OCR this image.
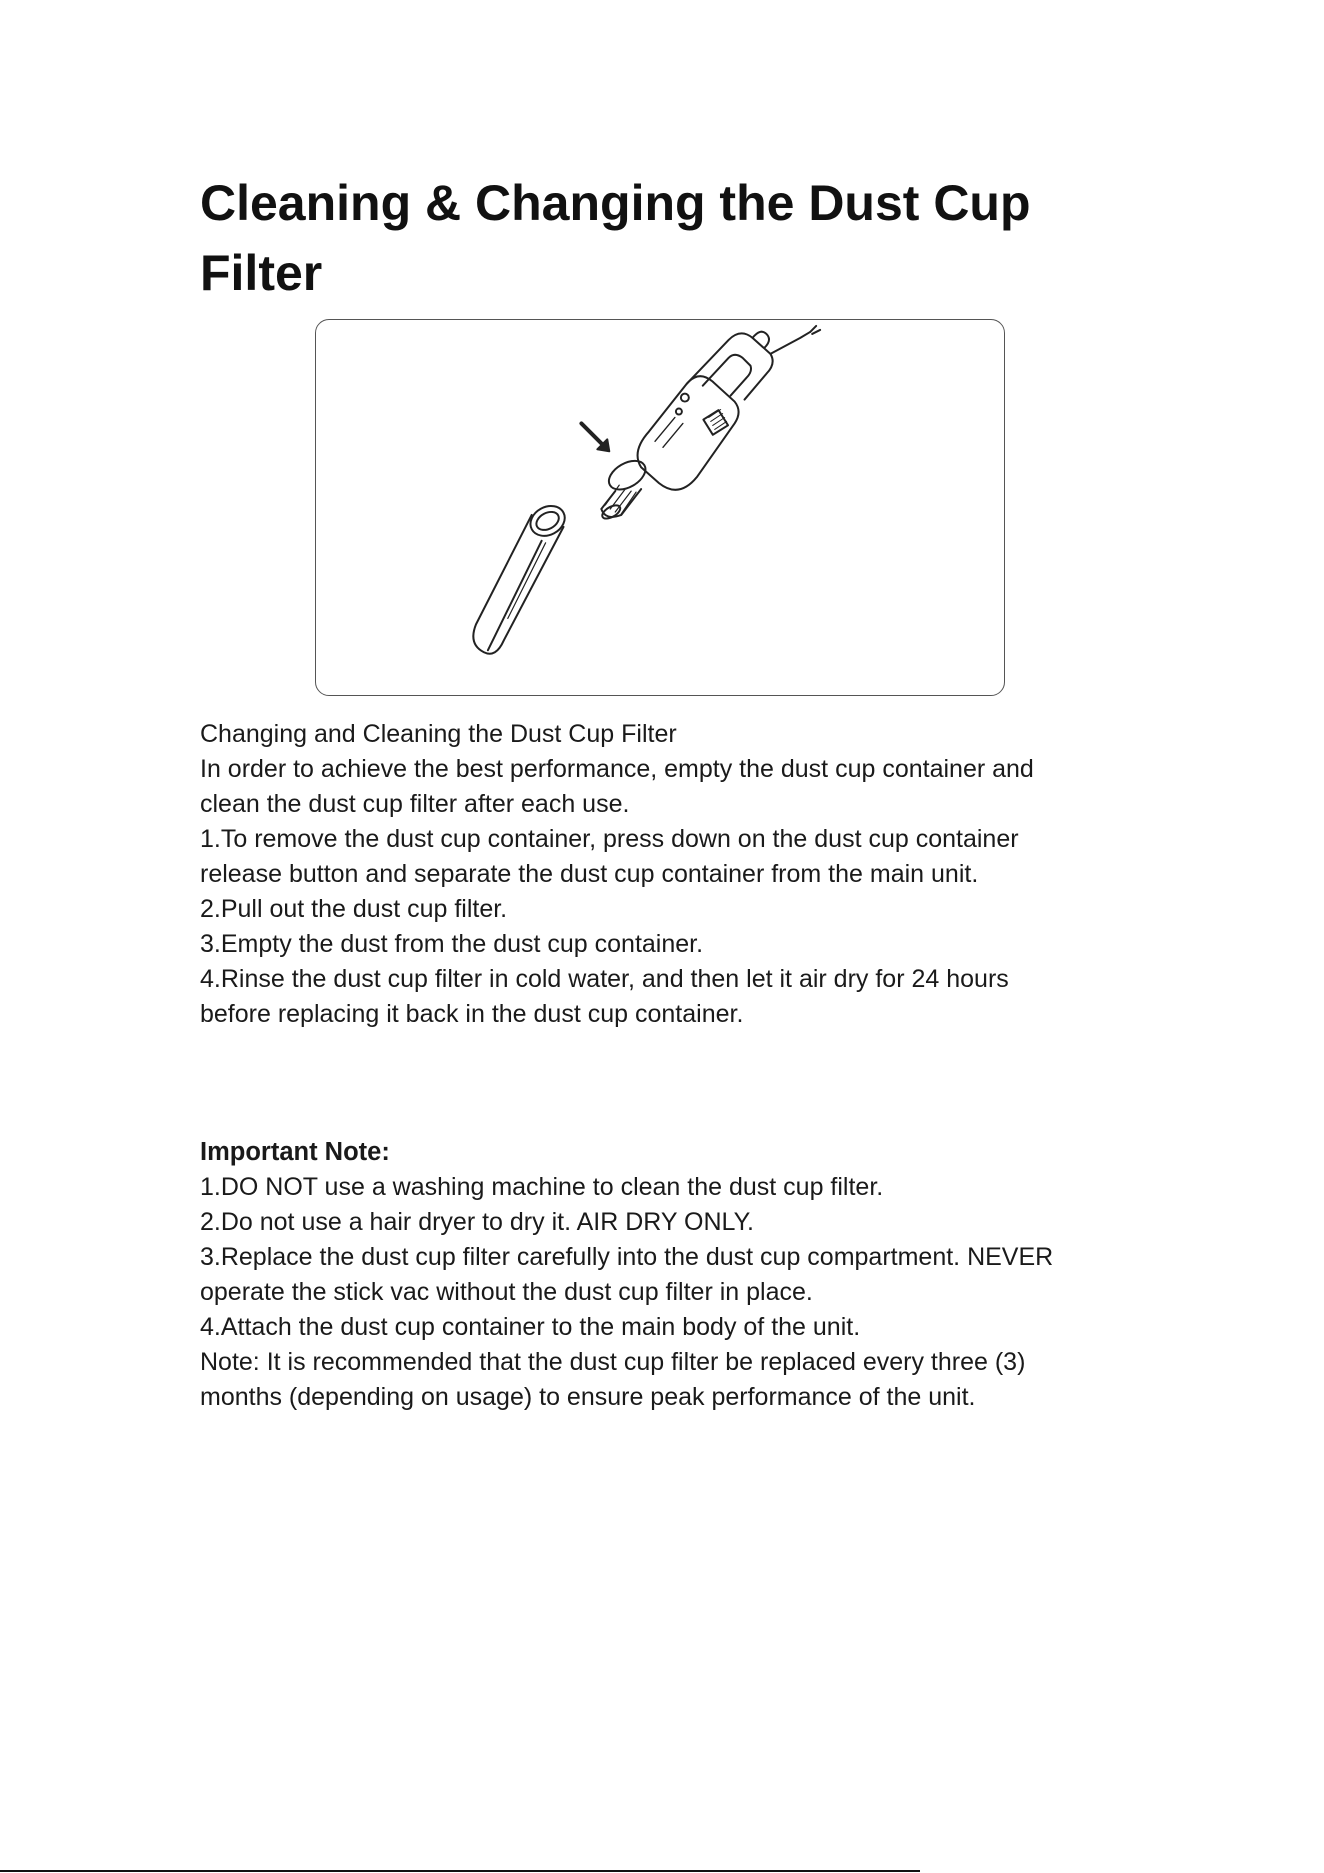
Cleaning & Changing the Dust Cup Filter
Changing and Cleaning the Dust Cup Filter
In order to achieve the best performance, empty the dust cup container and
clean the dust cup filter after each use.
1.To remove the dust cup container, press down on the dust cup container
release button and separate the dust cup container from the main unit.
2.Pull out the dust cup filter.
3.Empty the dust from the dust cup container.
4.Rinse the dust cup filter in cold water, and then let it air dry for 24 hours
before replacing it back in the dust cup container.
Important Note:
1.DO NOT use a washing machine to clean the dust cup filter.
2.Do not use a hair dryer to dry it. AIR DRY ONLY.
3.Replace the dust cup filter carefully into the dust cup compartment. NEVER
operate the stick vac without the dust cup filter in place.
4.Attach the dust cup container to the main body of the unit.
Note: It is recommended that the dust cup filter be replaced every three (3)
months (depending on usage) to ensure peak performance of the unit.
